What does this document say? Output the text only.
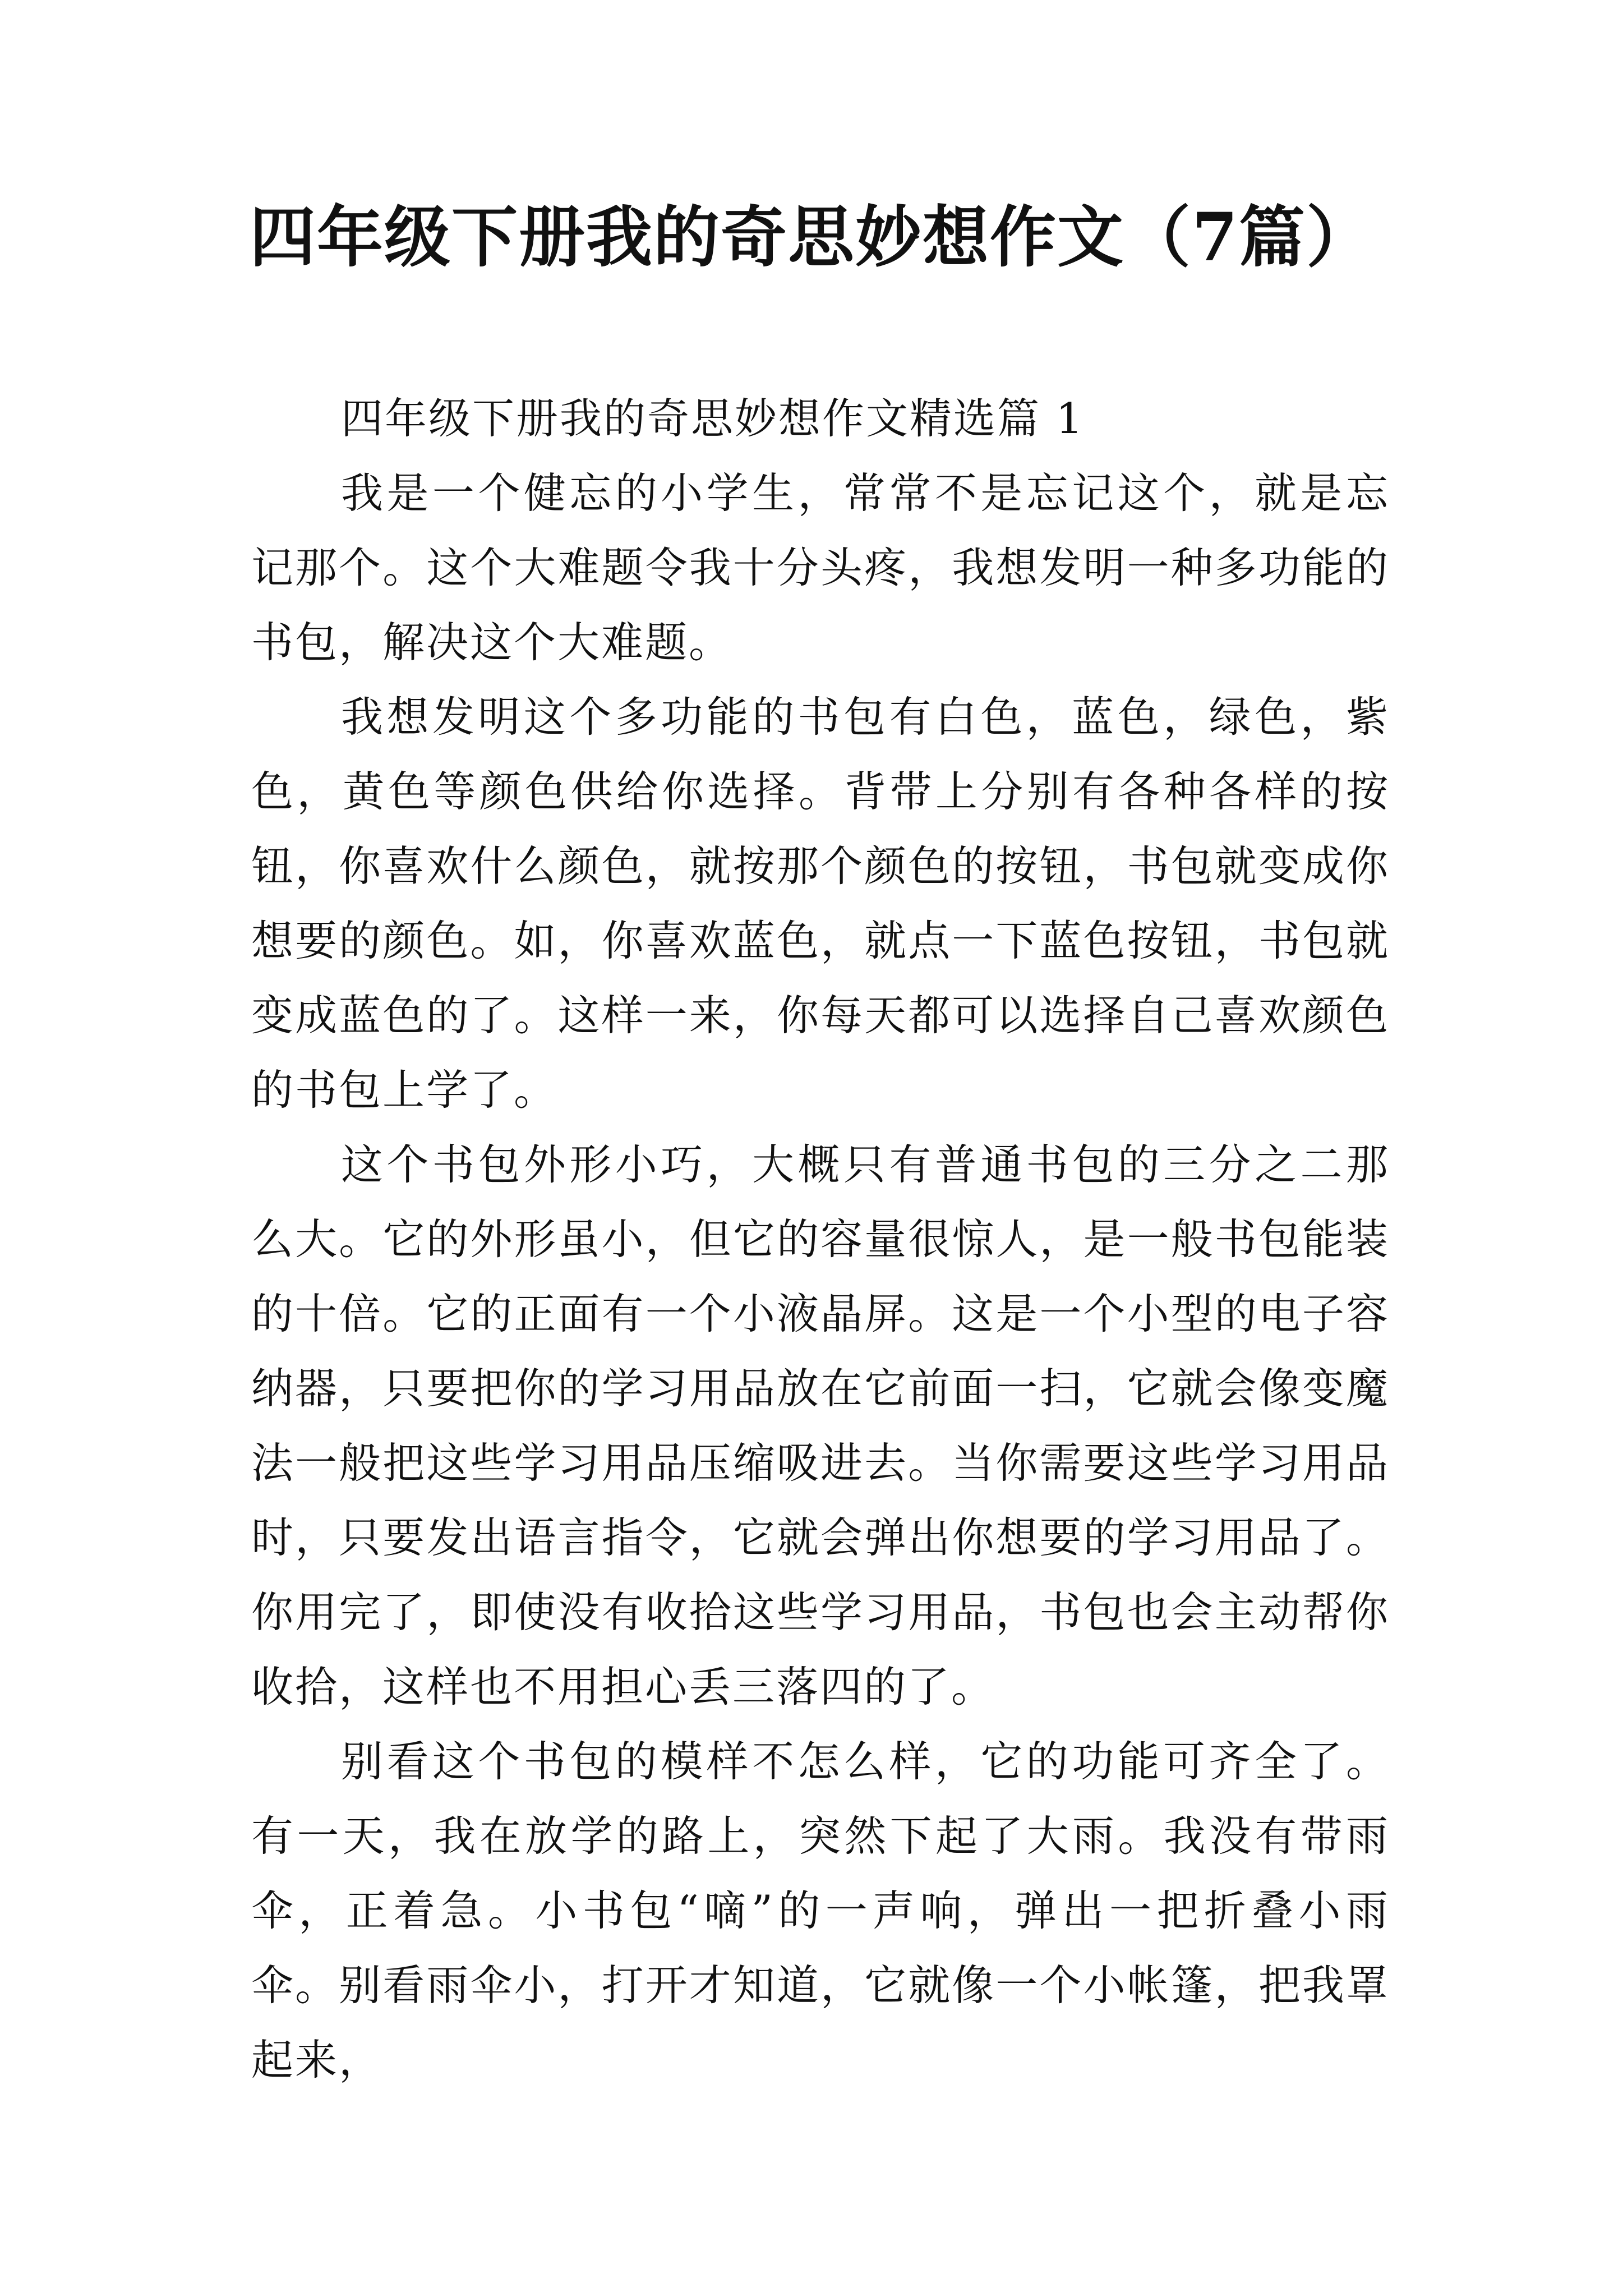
四年级下册我的奇思妙想作文（7篇）

四年级下册我的奇思妙想作文精选篇 1

我是一个健忘的小学生，常常不是忘记这个，就是忘记那个。这个大难题令我十分头疼，我想发明一种多功能的书包，解决这个大难题。

我想发明这个多功能的书包有白色，蓝色，绿色，紫色，黄色等颜色供给你选择。背带上分别有各种各样的按钮，你喜欢什么颜色，就按那个颜色的按钮，书包就变成你想要的颜色。如，你喜欢蓝色，就点一下蓝色按钮，书包就变成蓝色的了。这样一来，你每天都可以选择自己喜欢颜色的书包上学了。

这个书包外形小巧，大概只有普通书包的三分之二那么大。它的外形虽小，但它的容量很惊人，是一般书包能装的十倍。它的正面有一个小液晶屏。这是一个小型的电子容纳器，只要把你的学习用品放在它前面一扫，它就会像变魔法一般把这些学习用品压缩吸进去。当你需要这些学习用品时，只要发出语言指令，它就会弹出你想要的学习用品了。你用完了，即使没有收拾这些学习用品，书包也会主动帮你收拾，这样也不用担心丢三落四的了。

别看这个书包的模样不怎么样，它的功能可齐全了。有一天，我在放学的路上，突然下起了大雨。我没有带雨伞，正着急。小书包“嘀”的一声响，弹出一把折叠小雨伞。别看雨伞小，打开才知道，它就像一个小帐篷，把我罩起来，
